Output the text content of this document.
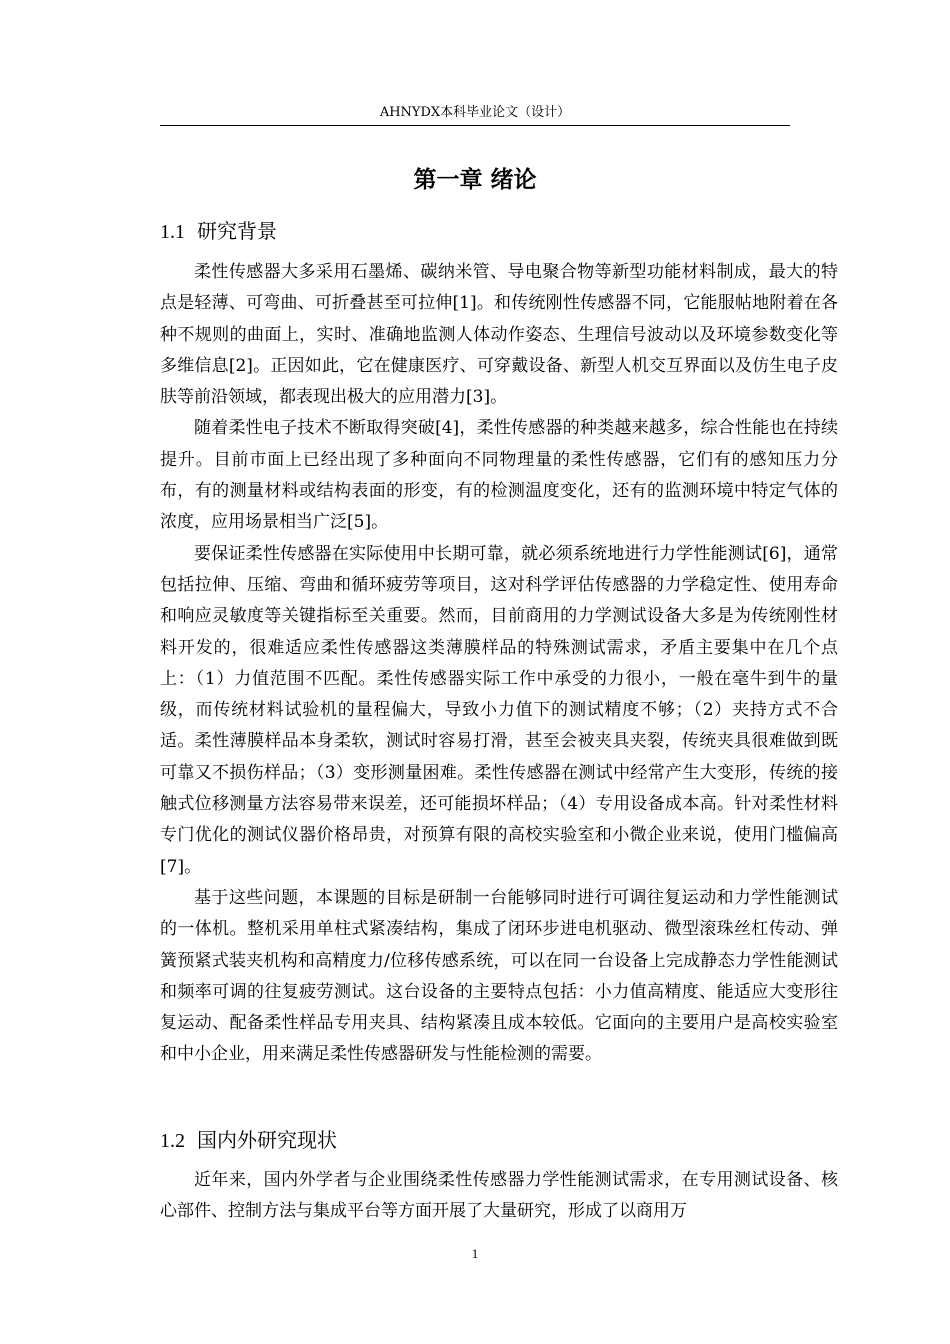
AHNYDX本科毕业论文（设计）
第一章 绪论
1.1 研究背景

柔性传感器大多采用石墨烯、碳纳米管、导电聚合物等新型功能材料制成，最大的特点是轻薄、可弯曲、可折叠甚至可拉伸[1]。和传统刚性传感器不同，它能服帖地附着在各种不规则的曲面上，实时、准确地监测人体动作姿态、生理信号波动以及环境参数变化等多维信息[2]。正因如此，它在健康医疗、可穿戴设备、新型人机交互界面以及仿生电子皮肤等前沿领域，都表现出极大的应用潜力[3]。

随着柔性电子技术不断取得突破[4]，柔性传感器的种类越来越多，综合性能也在持续提升。目前市面上已经出现了多种面向不同物理量的柔性传感器，它们有的感知压力分布，有的测量材料或结构表面的形变，有的检测温度变化，还有的监测环境中特定气体的浓度，应用场景相当广泛[5]。

要保证柔性传感器在实际使用中长期可靠，就必须系统地进行力学性能测试[6]，通常包括拉伸、压缩、弯曲和循环疲劳等项目，这对科学评估传感器的力学稳定性、使用寿命和响应灵敏度等关键指标至关重要。然而，目前商用的力学测试设备大多是为传统刚性材料开发的，很难适应柔性传感器这类薄膜样品的特殊测试需求，矛盾主要集中在几个点上：（1）力值范围不匹配。柔性传感器实际工作中承受的力很小，一般在毫牛到牛的量级，而传统材料试验机的量程偏大，导致小力值下的测试精度不够；（2）夹持方式不合适。柔性薄膜样品本身柔软，测试时容易打滑，甚至会被夹具夹裂，传统夹具很难做到既可靠又不损伤样品；（3）变形测量困难。柔性传感器在测试中经常产生大变形，传统的接触式位移测量方法容易带来误差，还可能损坏样品；（4）专用设备成本高。针对柔性材料专门优化的测试仪器价格昂贵，对预算有限的高校实验室和小微企业来说，使用门槛偏高[7]。

基于这些问题，本课题的目标是研制一台能够同时进行可调往复运动和力学性能测试的一体机。整机采用单柱式紧凑结构，集成了闭环步进电机驱动、微型滚珠丝杠传动、弹簧预紧式装夹机构和高精度力/位移传感系统，可以在同一台设备上完成静态力学性能测试和频率可调的往复疲劳测试。这台设备的主要特点包括：小力值高精度、能适应大变形往复运动、配备柔性样品专用夹具、结构紧凑且成本较低。它面向的主要用户是高校实验室和中小企业，用来满足柔性传感器研发与性能检测的需要。

1.2 国内外研究现状

近年来，国内外学者与企业围绕柔性传感器力学性能测试需求，在专用测试设备、核心部件、控制方法与集成平台等方面开展了大量研究，形成了以商用万

1
